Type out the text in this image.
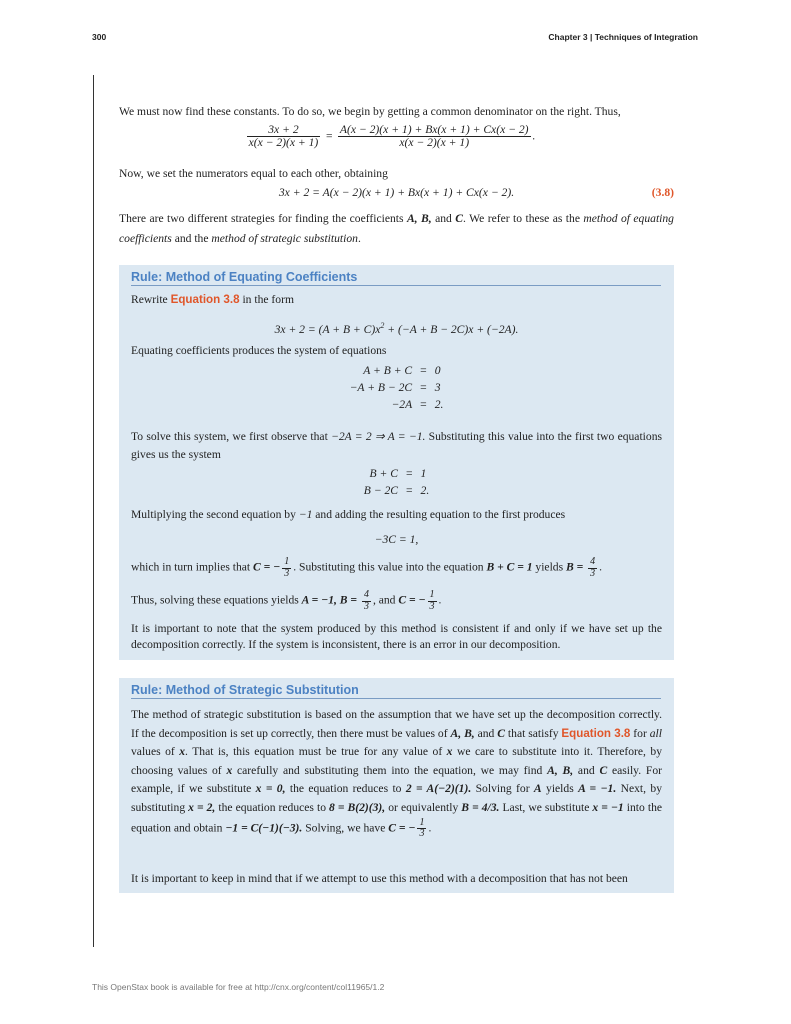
300	Chapter 3 | Techniques of Integration
We must now find these constants. To do so, we begin by getting a common denominator on the right. Thus,
$\frac{3x + 2}{x(x - 2)(x + 1)} = \frac{A(x - 2)(x + 1) + Bx(x + 1) + Cx(x - 2)}{x(x - 2)(x + 1)}$ .
Now, we set the numerators equal to each other, obtaining
3x + 2 = A(x − 2)(x + 1) + Bx(x + 1) + Cx(x − 2).	(3.8)
There are two different strategies for finding the coefficients A, B, and C. We refer to these as the method of equating coefficients and the method of strategic substitution.
Rule: Method of Equating Coefficients
Rewrite Equation 3.8 in the form
$3x + 2 = (A + B + C)x^2 + (-A + B - 2C)x + (-2A)$.
Equating coefficients produces the system of equations
A + B + C	=	0
−A + B − 2C	=	3
−2A	=	2.
To solve this system, we first observe that −2A = 2 ⇒ A = −1. Substituting this value into the first two equations gives us the system
B + C	=	1
B − 2C	=	2.
Multiplying the second equation by −1 and adding the resulting equation to the first produces
−3C = 1,
which in turn implies that C = − $\frac{1}{3}$ . Substituting this value into the equation B + C = 1 yields $B = \frac{4}{3}$ .
Thus, solving these equations yields A = −1, $B = \frac{4}{3}$ , and C = − $\frac{1}{3}$ .
It is important to note that the system produced by this method is consistent if and only if we have set up the decomposition correctly. If the system is inconsistent, there is an error in our decomposition.
Rule: Method of Strategic Substitution
The method of strategic substitution is based on the assumption that we have set up the decomposition correctly. If the decomposition is set up correctly, then there must be values of A, B, and C that satisfy Equation 3.8 for all values of x. That is, this equation must be true for any value of x we care to substitute into it. Therefore, by choosing values of x carefully and substituting them into the equation, we may find A, B, and C easily. For example, if we substitute x = 0, the equation reduces to 2 = A(−2)(1). Solving for A yields A = −1. Next, by substituting x = 2, the equation reduces to 8 = B(2)(3), or equivalently B = 4/3. Last, we substitute x = −1 into the equation and obtain −1 = C(−1)(−3). Solving, we have C = − $\frac{1}{3}$ .
It is important to keep in mind that if we attempt to use this method with a decomposition that has not been
This OpenStax book is available for free at http://cnx.org/content/col11965/1.2
